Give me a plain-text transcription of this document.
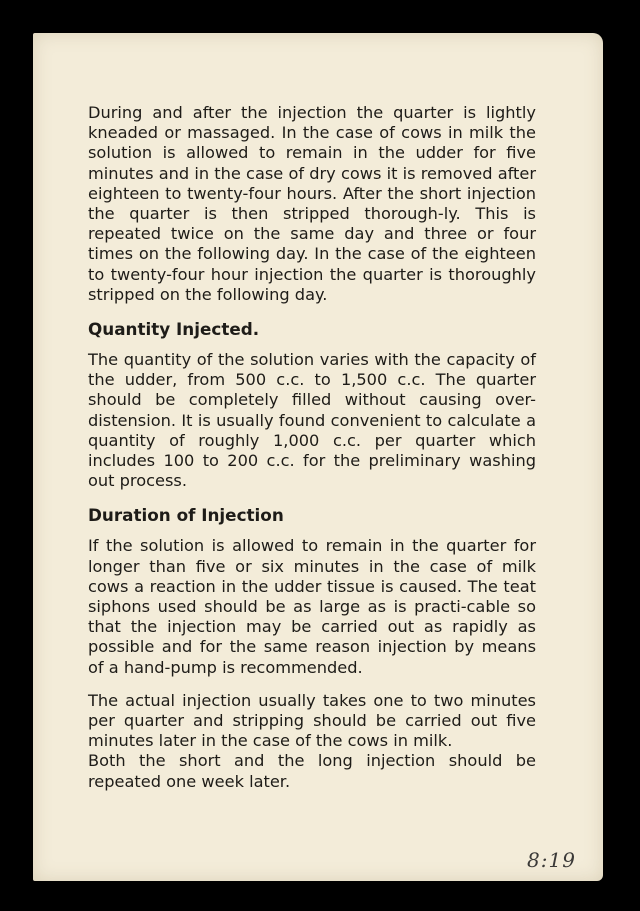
During and after the injection the quarter is lightly kneaded or massaged. In the case of cows in milk the solution is allowed to remain in the udder for five minutes and in the case of dry cows it is removed after eighteen to twenty-four hours. After the short injection the quarter is then stripped thorough-ly. This is repeated twice on the same day and three or four times on the following day. In the case of the eighteen to twenty-four hour injection the quarter is thoroughly stripped on the following day.

Quantity Injected.

The quantity of the solution varies with the capacity of the udder, from 500 c.c. to 1,500 c.c. The quarter should be completely filled without causing over-distension. It is usually found convenient to calculate a quantity of roughly 1,000 c.c. per quarter which includes 100 to 200 c.c. for the preliminary washing out process.

Duration of Injection

If the solution is allowed to remain in the quarter for longer than five or six minutes in the case of milk cows a reaction in the udder tissue is caused. The teat siphons used should be as large as is practi-cable so that the injection may be carried out as rapidly as possible and for the same reason injection by means of a hand-pump is recommended.

The actual injection usually takes one to two minutes per quarter and stripping should be carried out five minutes later in the case of the cows in milk.

Both the short and the long injection should be repeated one week later.

8:19
